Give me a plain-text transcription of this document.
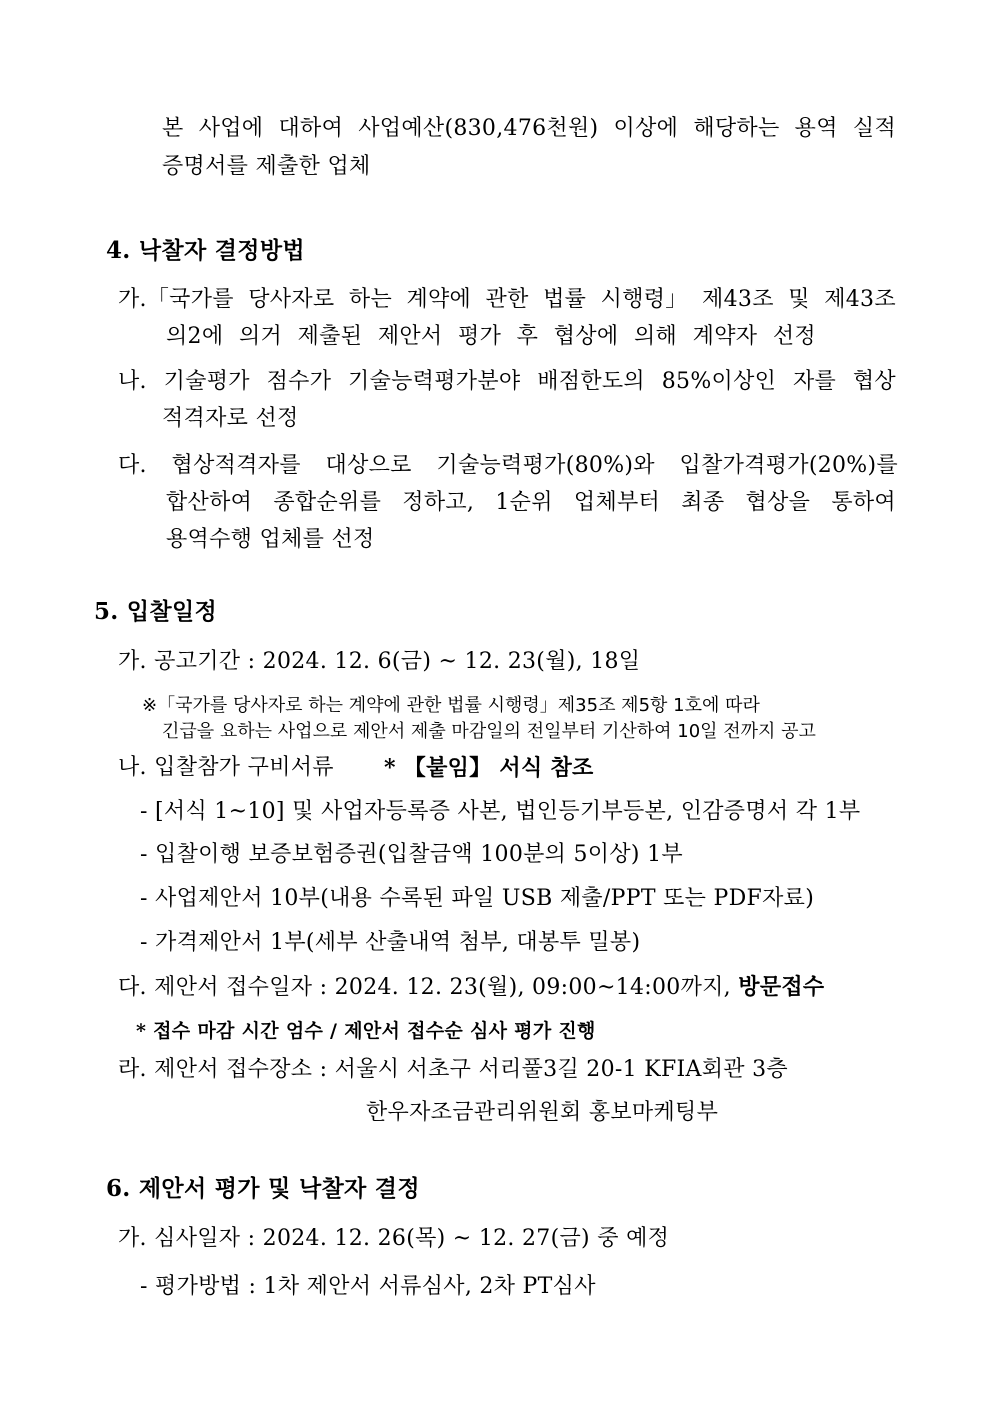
본 사업에 대하여 사업예산(830,476천원) 이상에 해당하는 용역 실적
증명서를 제출한 업체
4. 낙찰자 결정방법
가.「국가를 당사자로 하는 계약에 관한 법률 시행령」 제43조 및 제43조
의2에 의거 제출된 제안서 평가 후 협상에 의해 계약자 선정
나. 기술평가 점수가 기술능력평가분야 배점한도의 85%이상인 자를 협상
적격자로 선정
다. 협상적격자를 대상으로 기술능력평가(80%)와 입찰가격평가(20%)를
합산하여 종합순위를 정하고, 1순위 업체부터 최종 협상을 통하여
용역수행 업체를 선정
5. 입찰일정
가. 공고기간 : 2024. 12. 6(금) ~ 12. 23(월), 18일
※「국가를 당사자로 하는 계약에 관한 법률 시행령」제35조 제5항 1호에 따라
긴급을 요하는 사업으로 제안서 제출 마감일의 전일부터 기산하여 10일 전까지 공고
나. 입찰참가 구비서류 * 【붙임】 서식 참조
- [서식 1~10] 및 사업자등록증 사본, 법인등기부등본, 인감증명서 각 1부
- 입찰이행 보증보험증권(입찰금액 100분의 5이상) 1부
- 사업제안서 10부(내용 수록된 파일 USB 제출/PPT 또는 PDF자료)
- 가격제안서 1부(세부 산출내역 첨부, 대봉투 밀봉)
다. 제안서 접수일자 : 2024. 12. 23(월), 09:00~14:00까지, 방문접수
* 접수 마감 시간 엄수 / 제안서 접수순 심사 평가 진행
라. 제안서 접수장소 : 서울시 서초구 서리풀3길 20-1 KFIA회관 3층
한우자조금관리위원회 홍보마케팅부
6. 제안서 평가 및 낙찰자 결정
가. 심사일자 : 2024. 12. 26(목) ~ 12. 27(금) 중 예정
- 평가방법 : 1차 제안서 서류심사, 2차 PT심사
